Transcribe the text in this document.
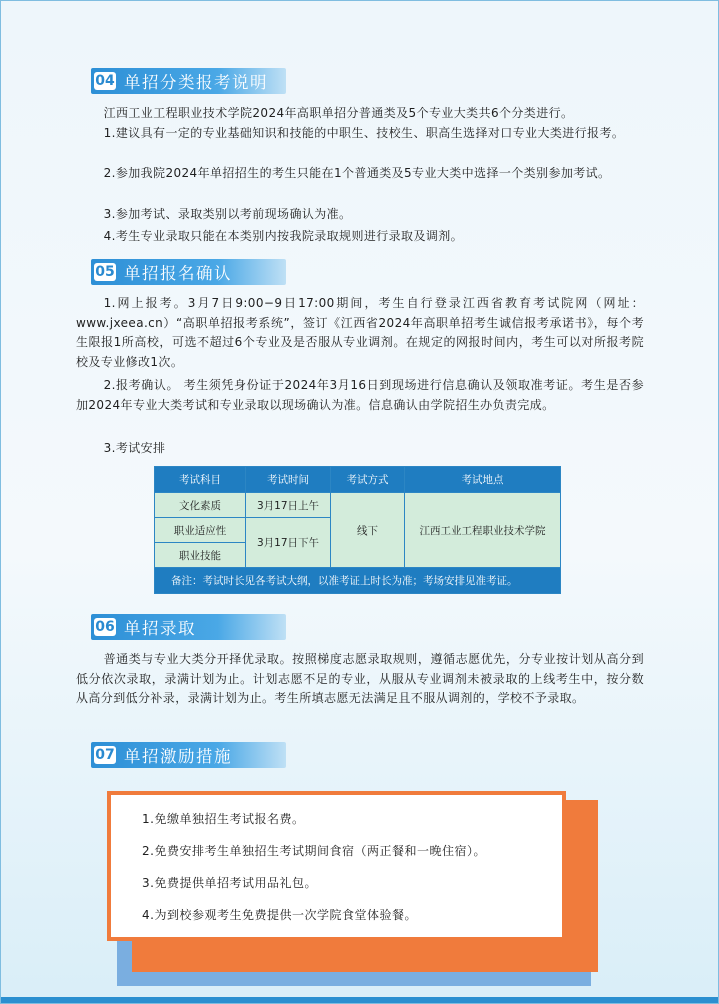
04 单招分类报考说明

江西工业工程职业技术学院2024年高职单招分普通类及5个专业大类共6个分类进行。

1.建议具有一定的专业基础知识和技能的中职生、技校生、职高生选择对口专业大类进行报考。

2.参加我院2024年单招招生的考生只能在1个普通类及5专业大类中选择一个类别参加考试。

3.参加考试、录取类别以考前现场确认为准。

4.考生专业录取只能在本类别内按我院录取规则进行录取及调剂。

05 单招报名确认

1.网上报考。3月7日9:00−9日17:00期间，考生自行登录江西省教育考试院网（网址：www.jxeea.cn）“高职单招报考系统”，签订《江西省2024年高职单招考生诚信报考承诺书》，每个考生限报1所高校，可选不超过6个专业及是否服从专业调剂。在规定的网报时间内，考生可以对所报考院校及专业修改1次。

2.报考确认。 考生须凭身份证于2024年3月16日到现场进行信息确认及领取准考证。考生是否参加2024年专业大类考试和专业录取以现场确认为准。信息确认由学院招生办负责完成。

3.考试安排

考试科目	考试时间	考试方式	考试地点
文化素质	3月17日上午	线下	江西工业工程职业技术学院
职业适应性	3月17日下午		
职业技能			
备注：考试时长见各考试大纲，以准考证上时长为准；考场安排见准考证。			
06 单招录取

普通类与专业大类分开择优录取。按照梯度志愿录取规则，遵循志愿优先，分专业按计划从高分到低分依次录取，录满计划为止。计划志愿不足的专业，从服从专业调剂未被录取的上线考生中，按分数从高分到低分补录，录满计划为止。考生所填志愿无法满足且不服从调剂的，学校不予录取。

07 单招激励措施
1.免缴单独招生考试报名费。
2.免费安排考生单独招生考试期间食宿（两正餐和一晚住宿）。
3.免费提供单招考试用品礼包。
4.为到校参观考生免费提供一次学院食堂体验餐。
